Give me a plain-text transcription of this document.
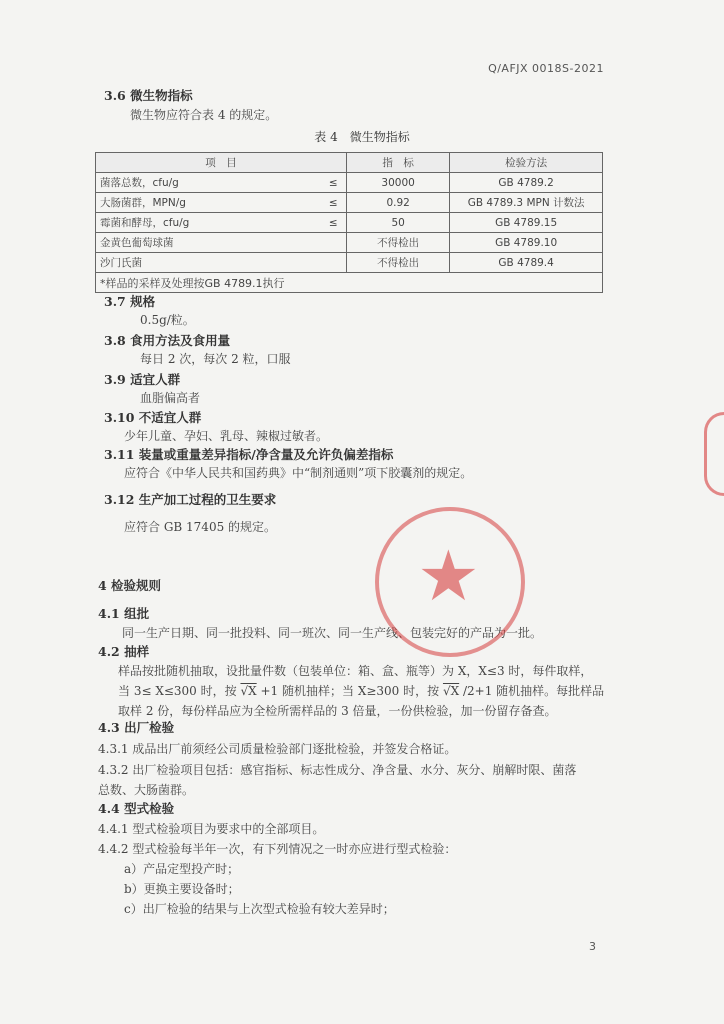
Q/AFJX 0018S-2021
3.6 微生物指标
微生物应符合表 4 的规定。
表 4　微生物指标
项　目		指　标	检验方法
菌落总数，cfu/g	≤	30000	GB 4789.2
大肠菌群，MPN/g	≤	0.92	GB 4789.3 MPN 计数法
霉菌和酵母，cfu/g	≤	50	GB 4789.15
金黄色葡萄球菌		不得检出	GB 4789.10
沙门氏菌		不得检出	GB 4789.4
*样品的采样及处理按GB 4789.1执行			
3.7 规格
0.5g/粒。
3.8 食用方法及食用量
每日 2 次，每次 2 粒，口服
3.9 适宜人群
血脂偏高者
3.10 不适宜人群
少年儿童、孕妇、乳母、辣椒过敏者。
3.11 装量或重量差异指标/净含量及允许负偏差指标
应符合《中华人民共和国药典》中“制剂通则”项下胶囊剂的规定。
3.12 生产加工过程的卫生要求
应符合 GB 17405 的规定。
4 检验规则
4.1 组批
同一生产日期、同一批投料、同一班次、同一生产线、包装完好的产品为一批。
4.2 抽样
样品按批随机抽取，设批量件数（包装单位：箱、盒、瓶等）为 X，X≤3 时，每件取样，
当 3≤ X≤300 时，按 √X +1 随机抽样；当 X≥300 时，按 √X /2+1 随机抽样。每批样品
取样 2 份，每份样品应为全检所需样品的 3 倍量，一份供检验，加一份留存备查。
4.3 出厂检验
4.3.1 成品出厂前须经公司质量检验部门逐批检验，并签发合格证。
4.3.2 出厂检验项目包括：感官指标、标志性成分、净含量、水分、灰分、崩解时限、菌落
总数、大肠菌群。
4.4 型式检验
4.4.1 型式检验项目为要求中的全部项目。
4.4.2 型式检验每半年一次，有下列情况之一时亦应进行型式检验：
a）产品定型投产时；
b）更换主要设备时；
c）出厂检验的结果与上次型式检验有较大差异时；
3
★
